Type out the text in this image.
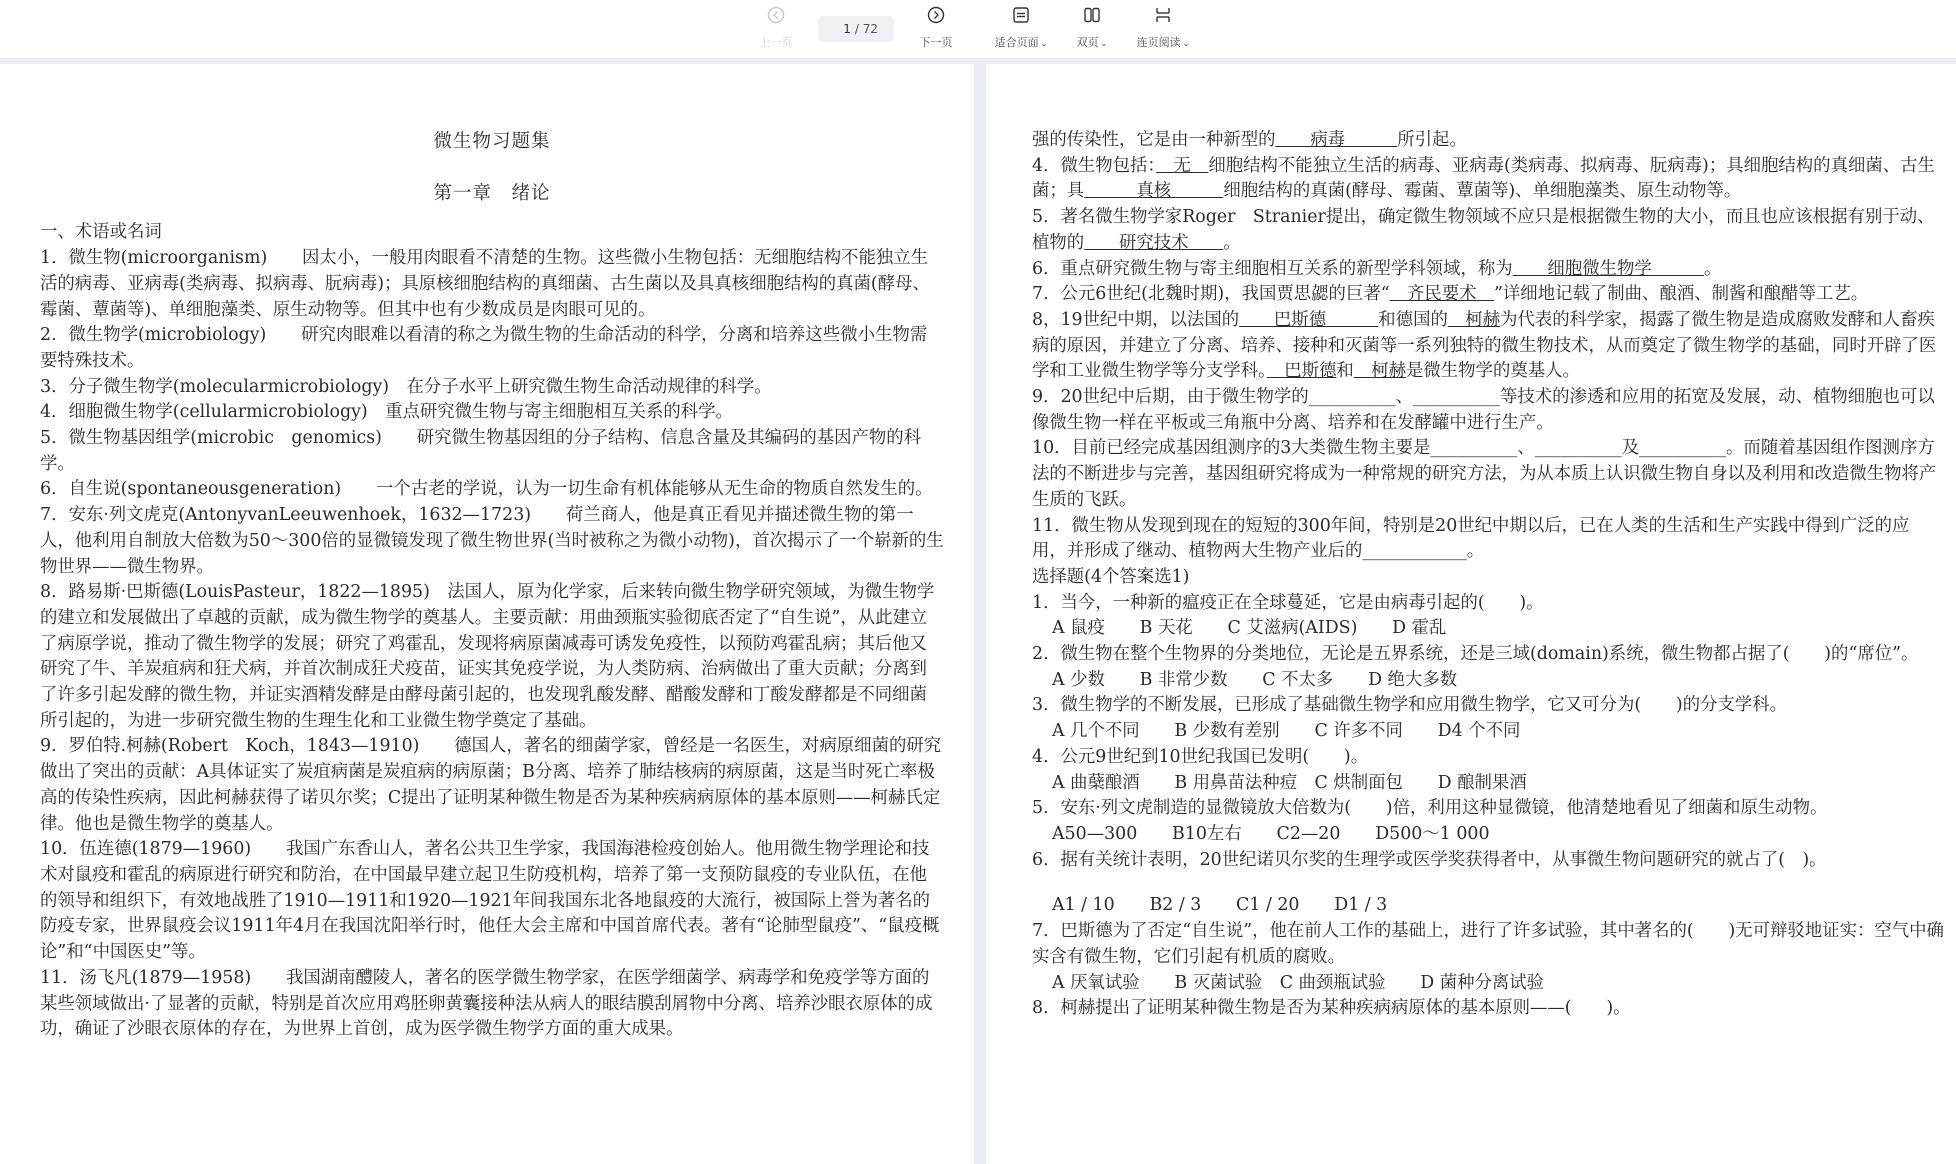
上一页
1
/ 72
下一页	适合页面 ⌄	双页 ⌄	连页阅读 ⌄
微生物习题集
第一章　绪论

一、术语或名词

1．微生物(microorganism)　　因太小，一般用肉眼看不清楚的生物。这些微小生物包括：无细胞结构不能独立生活的病毒、亚病毒(类病毒、拟病毒、朊病毒)；具原核细胞结构的真细菌、古生菌以及具真核细胞结构的真菌(酵母、霉菌、蕈菌等)、单细胞藻类、原生动物等。但其中也有少数成员是肉眼可见的。

2．微生物学(microbiology)　　研究肉眼难以看清的称之为微生物的生命活动的科学，分离和培养这些微小生物需要特殊技术。

3．分子微生物学(molecularmicrobiology)　在分子水平上研究微生物生命活动规律的科学。

4．细胞微生物学(cellularmicrobiology)　重点研究微生物与寄主细胞相互关系的科学。

5．微生物基因组学(microbic　genomics)　　研究微生物基因组的分子结构、信息含量及其编码的基因产物的科学。

6．自生说(spontaneousgeneration)　　一个古老的学说，认为一切生命有机体能够从无生命的物质自然发生的。

7．安东·列文虎克(AntonyvanLeeuwenhoek，1632—1723)　　荷兰商人，他是真正看见并描述微生物的第一人，他利用自制放大倍数为50～300倍的显微镜发现了微生物世界(当时被称之为微小动物)，首次揭示了一个崭新的生物世界——微生物界。

8．路易斯·巴斯德(LouisPasteur，1822—1895)　法国人，原为化学家，后来转向微生物学研究领域，为微生物学的建立和发展做出了卓越的贡献，成为微生物学的奠基人。主要贡献：用曲颈瓶实验彻底否定了“自生说”，从此建立了病原学说，推动了微生物学的发展；研究了鸡霍乱，发现将病原菌减毒可诱发免疫性，以预防鸡霍乱病；其后他又研究了牛、羊炭疽病和狂犬病，并首次制成狂犬疫苗，证实其免疫学说，为人类防病、治病做出了重大贡献；分离到了许多引起发酵的微生物，并证实酒精发酵是由酵母菌引起的，也发现乳酸发酵、醋酸发酵和丁酸发酵都是不同细菌所引起的，为进一步研究微生物的生理生化和工业微生物学奠定了基础。

9．罗伯特.柯赫(Robert　Koch，1843—1910)　　德国人，著名的细菌学家，曾经是一名医生，对病原细菌的研究做出了突出的贡献：A具体证实了炭疽病菌是炭疽病的病原菌；B分离、培养了肺结核病的病原菌，这是当时死亡率极高的传染性疾病，因此柯赫获得了诺贝尔奖；C提出了证明某种微生物是否为某种疾病病原体的基本原则——柯赫氏定律。他也是微生物学的奠基人。

10．伍连德(1879—1960)　　我国广东香山人，著名公共卫生学家，我国海港检疫创始人。他用微生物学理论和技术对鼠疫和霍乱的病原进行研究和防治，在中国最早建立起卫生防疫机构，培养了第一支预防鼠疫的专业队伍，在他的领导和组织下，有效地战胜了1910—1911和1920—1921年间我国东北各地鼠疫的大流行，被国际上誉为著名的防疫专家，世界鼠疫会议1911年4月在我国沈阳举行时，他任大会主席和中国首席代表。著有“论肺型鼠疫”、“鼠疫概论”和“中国医史”等。

11．汤飞凡(1879—1958)　　我国湖南醴陵人，著名的医学微生物学家，在医学细菌学、病毒学和免疫学等方面的某些领域做出·了显著的贡献，特别是首次应用鸡胚卵黄囊接种法从病人的眼结膜刮屑物中分离、培养沙眼衣原体的成功，确证了沙眼衣原体的存在，为世界上首创，成为医学微生物学方面的重大成果。

强的传染性，它是由一种新型的　　 病毒　　　	所引起。

4．微生物包括：　 无　 细胞结构不能独立生活的病毒、亚病毒(类病毒、拟病毒、朊病毒)；具细胞结构的真细菌、古生菌；具　　　	真核　　　	细胞结构的真菌(酵母、霉菌、蕈菌等)、单细胞藻类、原生动物等。

5．著名微生物学家Roger　Stranier提出，确定微生物领域不应只是根据微生物的大小，而且也应该根据有别于动、植物的　　 研究技术　　 。

6．重点研究微生物与寄主细胞相互关系的新型学科领域，称为　　 细胞微生物学　　　	。

7．公元6世纪(北魏时期)，我国贾思勰的巨著“　 齐民要术　 ”详细地记载了制曲、酿酒、制酱和酿醋等工艺。

8，19世纪中期，以法国的　　 巴斯德　　　	和德国的　 柯赫为代表的科学家，揭露了微生物是造成腐败发酵和人畜疾病的原因，并建立了分离、培养、接种和灭菌等一系列独特的微生物技术，从而奠定了微生物学的基础，同时开辟了医学和工业微生物学等分支学科。　 巴斯德和　 柯赫是微生物学的奠基人。

9．20世纪中后期，由于微生物学的__________、__________等技术的渗透和应用的拓宽及发展，动、植物细胞也可以像微生物一样在平板或三角瓶中分离、培养和在发酵罐中进行生产。

10．目前已经完成基因组测序的3大类微生物主要是__________、__________及__________。而随着基因组作图测序方法的不断进步与完善，基因组研究将成为一种常规的研究方法，为从本质上认识微生物自身以及利用和改造微生物将产生质的飞跃。

11．微生物从发现到现在的短短的300年间，特别是20世纪中期以后，已在人类的生活和生产实践中得到广泛的应用，并形成了继动、植物两大生物产业后的____________。

选择题(4个答案选1)

1．当今，一种新的瘟疫正在全球蔓延，它是由病毒引起的(　　)。

A 鼠疫　　B 天花　　C 艾滋病(AIDS)　　D 霍乱

2．微生物在整个生物界的分类地位，无论是五界系统，还是三域(domain)系统，微生物都占据了(　　)的“席位”。

A 少数　　B 非常少数　　C 不太多　　D 绝大多数

3．微生物学的不断发展，已形成了基础微生物学和应用微生物学，它又可分为(　　)的分支学科。

A 几个不同　　B 少数有差别　　C 许多不同　　D4 个不同

4．公元9世纪到10世纪我国已发明(　　)。

A 曲蘖酿酒　　B 用鼻苗法种痘　C 烘制面包　　D 酿制果酒

5．安东·列文虎制造的显微镜放大倍数为(　　)倍，利用这种显微镜，他清楚地看见了细菌和原生动物。

A50—300　　B10左右　　C2—20　　D500～1 000

6．据有关统计表明，20世纪诺贝尔奖的生理学或医学奖获得者中，从事微生物问题研究的就占了(　)。

A1 / 10　　B2 / 3　　C1 / 20　　D1 / 3

7．巴斯德为了否定“自生说”，他在前人工作的基础上，进行了许多试验，其中著名的(　　)无可辩驳地证实：空气中确实含有微生物，它们引起有机质的腐败。

A 厌氧试验　　B 灭菌试验　C 曲颈瓶试验　　D 菌种分离试验

8．柯赫提出了证明某种微生物是否为某种疾病病原体的基本原则——(　　)。
